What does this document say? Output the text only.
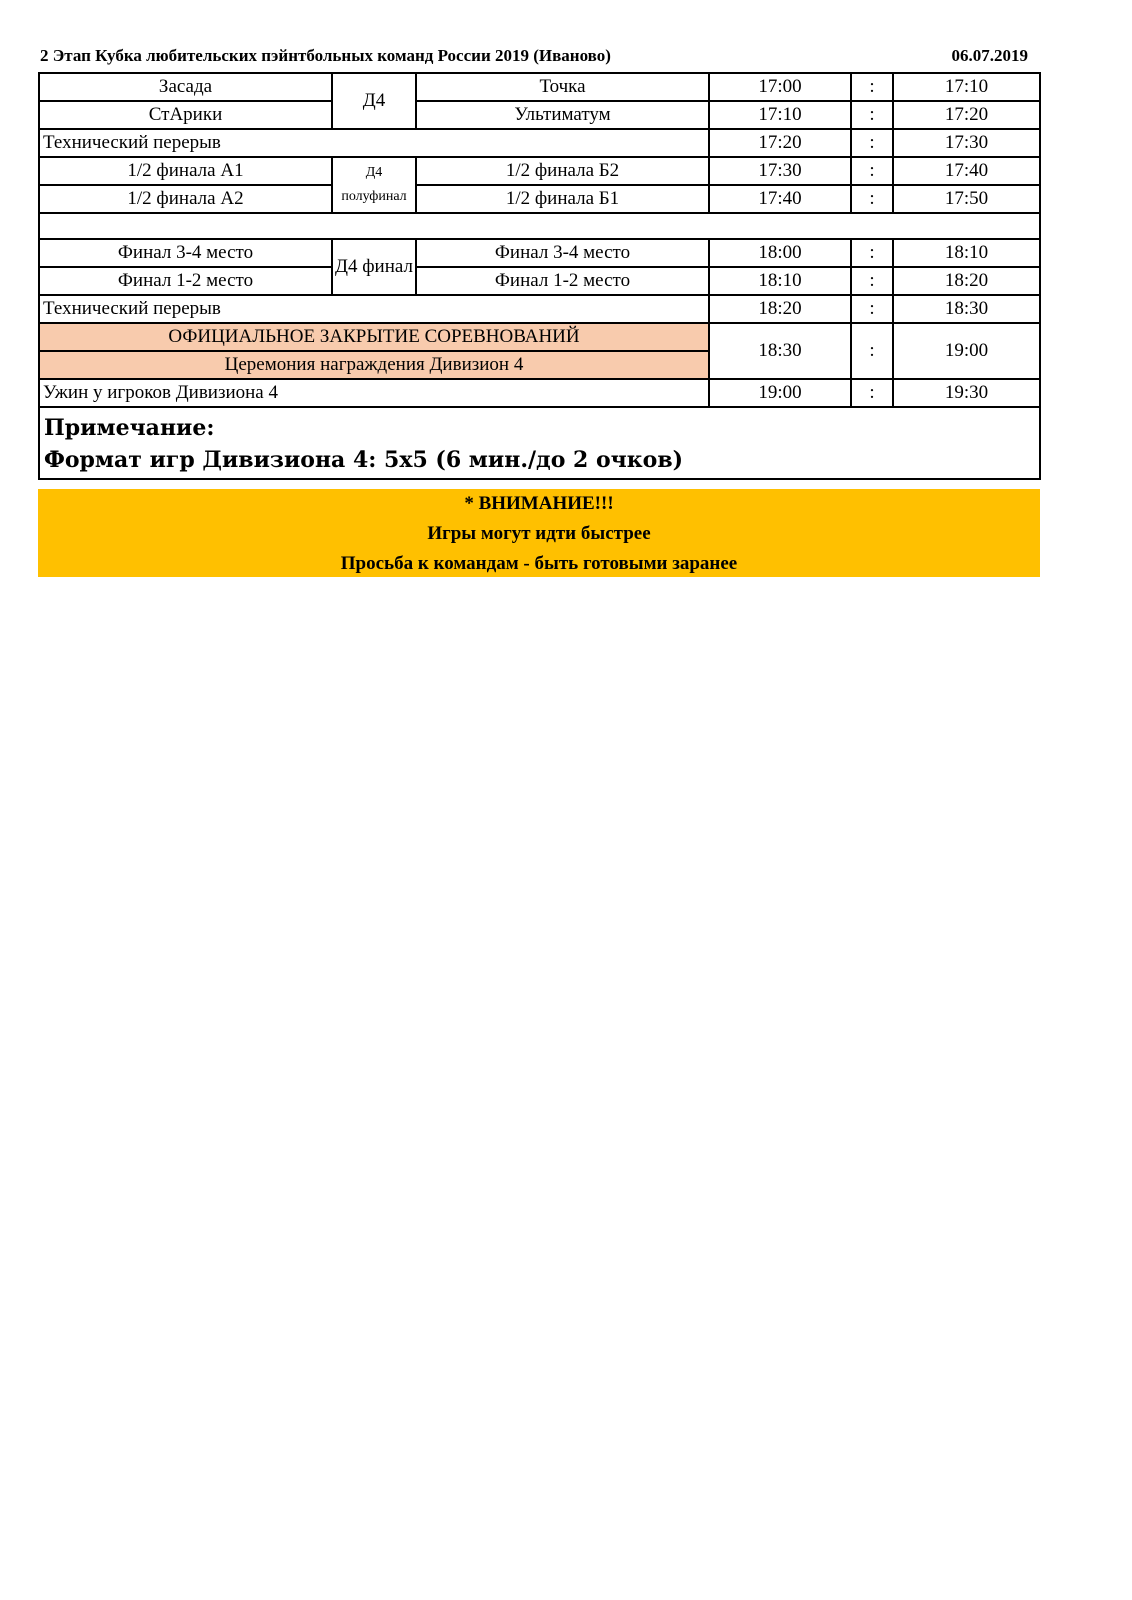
2 Этап Кубка любительских пэйнтбольных команд России 2019 (Иваново)	06.07.2019
Засада	Д4	Точка	17:00	:	17:10
СтАрики		Ультиматум	17:10	:	17:20
Технический перерыв			17:20	:	17:30
1/2 финала А1	Д4 полуфинал	1/2 финала Б2	17:30	:	17:40
1/2 финала А2		1/2 финала Б1	17:40	:	17:50

Финал 3-4 место	Д4 финал	Финал 3-4 место	18:00	:	18:10
Финал 1-2 место		Финал 1-2 место	18:10	:	18:20
Технический перерыв			18:20	:	18:30
ОФИЦИАЛЬНОЕ ЗАКРЫТИЕ СОРЕВНОВАНИЙ			18:30	:	19:00
Церемония награждения Дивизион 4					
Ужин у игроков Дивизиона 4			19:00	:	19:30

Примечание:
Формат игр Дивизиона 4: 5х5 (6 мин./до 2 очков)					
* ВНИМАНИЕ!!!
Игры могут идти быстрее
Просьба к командам - быть готовыми заранее
